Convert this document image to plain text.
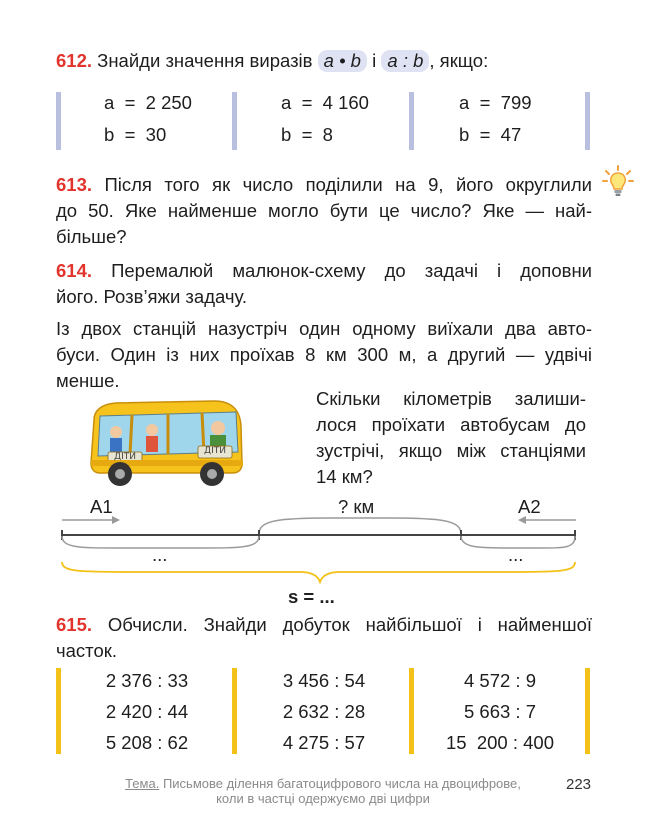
612. Знайди значення виразів a • b і a : b , якщо:
a  =  2 250
b  =  30
a  =  4 160
b  =  8
a  =  799
b  =  47
613. Після того як число поділили на 9, його округлили
до 50. Яке найменше могло бути це число? Яке — най-
більше?
614. Перемалюй малюнок-схему до задачі і доповни
його. Розв’яжи задачу.
Із двох станцій назустріч один одному виїхали два авто-
буси. Один із них проїхав 8 км 300 м, а другий — удвічі
менше.
Скільки кілометрів залиши-
лося проїхати автобусам до
зустрічі, якщо між станціями
14 км?
ДІТИ
ДІТИ
A1	A2
? км
...	...
s = ...
615. Обчисли. Знайди добуток найбільшої і найменшої
часток.
2 376 : 33
2 420 : 44
5 208 : 62
3 456 : 54
2 632 : 28
4 275 : 57
4 572 : 9
5 663 : 7
15  200 : 400
Тема. Письмове ділення багатоцифрового числа на двоцифрове,
коли в частці одержуємо дві цифри
223
